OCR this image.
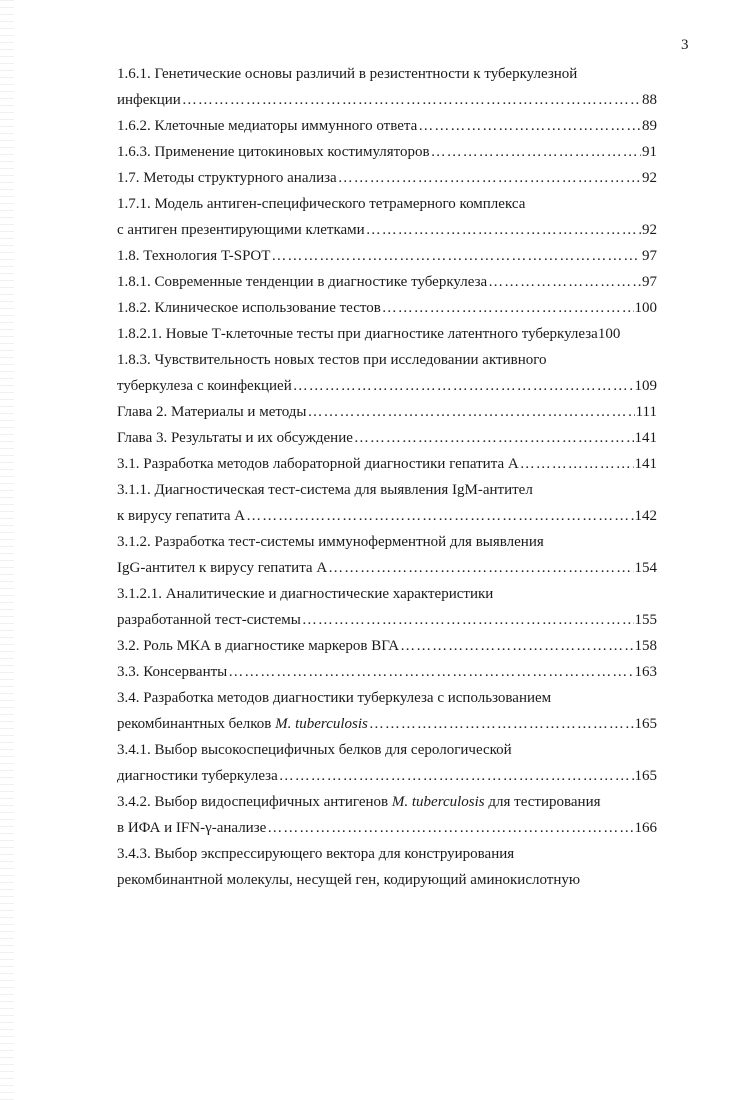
3
1.6.1. Генетические основы различий в резистентности к туберкулезной
инфекции ……………………………………………………………………………………………………………………………………………………………………………………	88
1.6.2. Клеточные медиаторы иммунного ответа ……………………………………………………………………………………………………………………………………………………………………………………	89
1.6.3. Применение цитокиновых костимуляторов ……………………………………………………………………………………………………………………………………………………………………………………	91
1.7. Методы структурного анализа ……………………………………………………………………………………………………………………………………………………………………………………	92
1.7.1. Модель антиген-специфического тетрамерного комплекса
с антиген презентирующими клетками ……………………………………………………………………………………………………………………………………………………………………………………	92
1.8. Технология T-SPOT ……………………………………………………………………………………………………………………………………………………………………………………	97
1.8.1. Современные тенденции в диагностике туберкулеза ……………………………………………………………………………………………………………………………………………………………………………………	97
1.8.2. Клиническое использование тестов ……………………………………………………………………………………………………………………………………………………………………………………	100
1.8.2.1. Новые Т-клеточные тесты при диагностике латентного туберкулеза 100
1.8.3. Чувствительность новых тестов при исследовании активного
туберкулеза с коинфекцией ……………………………………………………………………………………………………………………………………………………………………………………	109
Глава 2. Материалы и методы ……………………………………………………………………………………………………………………………………………………………………………………	111
Глава 3. Результаты и их обсуждение ……………………………………………………………………………………………………………………………………………………………………………………	141
3.1. Разработка методов лабораторной диагностики гепатита А ……………………………………………………………………………………………………………………………………………………………………………………	141
3.1.1. Диагностическая тест-система для выявления IgM-антител
к вирусу гепатита А ……………………………………………………………………………………………………………………………………………………………………………………	142
3.1.2. Разработка тест-системы иммуноферментной для выявления
IgG-антител к вирусу гепатита А ……………………………………………………………………………………………………………………………………………………………………………………	154
3.1.2.1. Аналитические и диагностические характеристики
разработанной тест-системы ……………………………………………………………………………………………………………………………………………………………………………………	155
3.2. Роль МКА в диагностике маркеров ВГА ……………………………………………………………………………………………………………………………………………………………………………………	158
3.3. Консерванты ……………………………………………………………………………………………………………………………………………………………………………………	163
3.4. Разработка методов диагностики туберкулеза с использованием
рекомбинантных белков M. tuberculosis ……………………………………………………………………………………………………………………………………………………………………………………	165
3.4.1. Выбор высокоспецифичных белков для серологической
диагностики туберкулеза ……………………………………………………………………………………………………………………………………………………………………………………	165
3.4.2. Выбор видоспецифичных антигенов M. tuberculosis для тестирования
в ИФА и IFN-γ-анализе ……………………………………………………………………………………………………………………………………………………………………………………	166
3.4.3. Выбор экспрессирующего вектора для конструирования
рекомбинантной молекулы, несущей ген, кодирующий аминокислотную
